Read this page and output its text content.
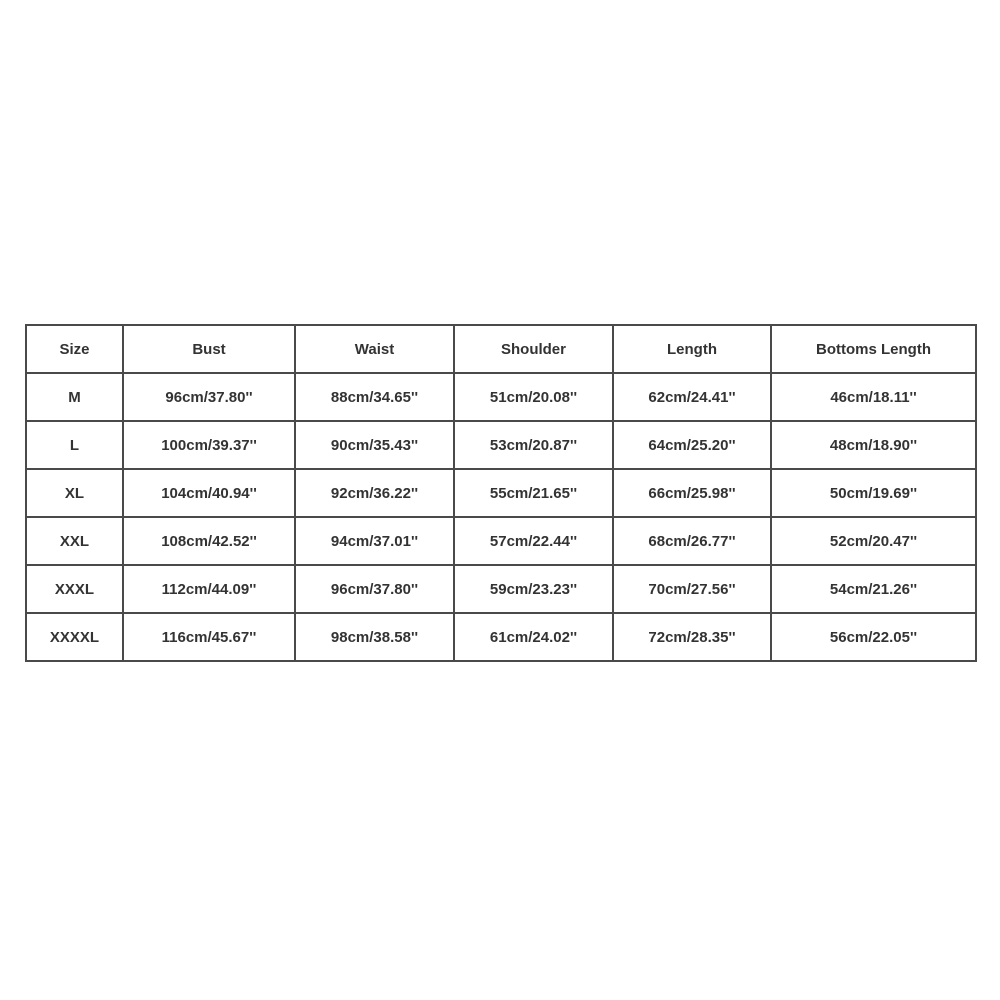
Size	Bust	Waist	Shoulder	Length	Bottoms Length
M	96cm/37.80''	88cm/34.65''	51cm/20.08''	62cm/24.41''	46cm/18.11''
L	100cm/39.37''	90cm/35.43''	53cm/20.87''	64cm/25.20''	48cm/18.90''
XL	104cm/40.94''	92cm/36.22''	55cm/21.65''	66cm/25.98''	50cm/19.69''
XXL	108cm/42.52''	94cm/37.01''	57cm/22.44''	68cm/26.77''	52cm/20.47''
XXXL	112cm/44.09''	96cm/37.80''	59cm/23.23''	70cm/27.56''	54cm/21.26''
XXXXL	116cm/45.67''	98cm/38.58''	61cm/24.02''	72cm/28.35''	56cm/22.05''
